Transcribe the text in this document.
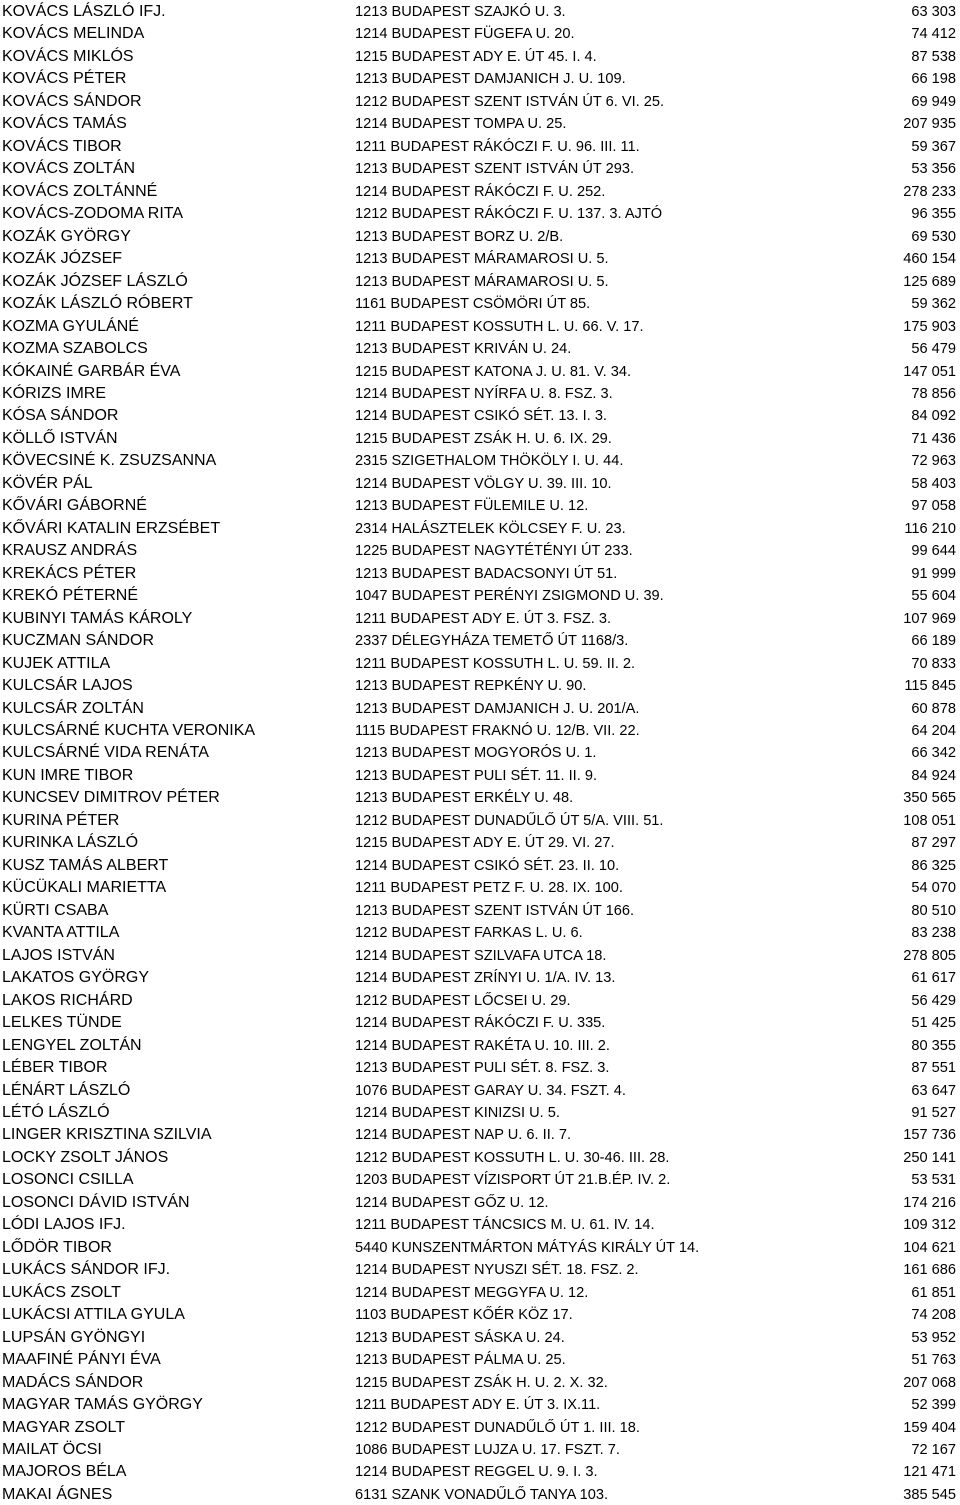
KOVÁCS LÁSZLÓ IFJ.	1213 BUDAPEST SZAJKÓ U. 3.	63 303
KOVÁCS MELINDA	1214 BUDAPEST FÜGEFA U. 20.	74 412
KOVÁCS MIKLÓS	1215 BUDAPEST ADY E. ÚT 45. I. 4.	87 538
KOVÁCS PÉTER	1213 BUDAPEST DAMJANICH J. U. 109.	66 198
KOVÁCS SÁNDOR	1212 BUDAPEST SZENT ISTVÁN ÚT 6. VI. 25.	69 949
KOVÁCS TAMÁS	1214 BUDAPEST TOMPA U. 25.	207 935
KOVÁCS TIBOR	1211 BUDAPEST RÁKÓCZI F. U. 96. III. 11.	59 367
KOVÁCS ZOLTÁN	1213 BUDAPEST SZENT ISTVÁN ÚT 293.	53 356
KOVÁCS ZOLTÁNNÉ	1214 BUDAPEST RÁKÓCZI F. U. 252.	278 233
KOVÁCS-ZODOMA RITA	1212 BUDAPEST RÁKÓCZI F. U. 137. 3. AJTÓ	96 355
KOZÁK GYÖRGY	1213 BUDAPEST BORZ U. 2/B.	69 530
KOZÁK JÓZSEF	1213 BUDAPEST MÁRAMAROSI U. 5.	460 154
KOZÁK JÓZSEF LÁSZLÓ	1213 BUDAPEST MÁRAMAROSI U. 5.	125 689
KOZÁK LÁSZLÓ RÓBERT	1161 BUDAPEST CSÖMÖRI ÚT 85.	59 362
KOZMA GYULÁNÉ	1211 BUDAPEST KOSSUTH L. U. 66. V. 17.	175 903
KOZMA SZABOLCS	1213 BUDAPEST KRIVÁN U. 24.	56 479
KÓKAINÉ GARBÁR ÉVA	1215 BUDAPEST KATONA J. U. 81. V. 34.	147 051
KÓRIZS IMRE	1214 BUDAPEST NYÍRFA U. 8. FSZ. 3.	78 856
KÓSA SÁNDOR	1214 BUDAPEST CSIKÓ SÉT. 13. I. 3.	84 092
KÖLLŐ ISTVÁN	1215 BUDAPEST ZSÁK H. U. 6. IX. 29.	71 436
KÖVECSINÉ K. ZSUZSANNA	2315 SZIGETHALOM THÖKÖLY I. U. 44.	72 963
KÖVÉR PÁL	1214 BUDAPEST VÖLGY U. 39. III. 10.	58 403
KŐVÁRI GÁBORNÉ	1213 BUDAPEST FÜLEMILE U. 12.	97 058
KŐVÁRI KATALIN ERZSÉBET	2314 HALÁSZTELEK KÖLCSEY F. U. 23.	116 210
KRAUSZ ANDRÁS	1225 BUDAPEST NAGYTÉTÉNYI ÚT 233.	99 644
KREKÁCS PÉTER	1213 BUDAPEST BADACSONYI ÚT 51.	91 999
KREKÓ PÉTERNÉ	1047 BUDAPEST PERÉNYI ZSIGMOND U. 39.	55 604
KUBINYI TAMÁS KÁROLY	1211 BUDAPEST ADY E. ÚT 3. FSZ. 3.	107 969
KUCZMAN SÁNDOR	2337 DÉLEGYHÁZA TEMETŐ ÚT 1168/3.	66 189
KUJEK ATTILA	1211 BUDAPEST KOSSUTH L. U. 59. II. 2.	70 833
KULCSÁR LAJOS	1213 BUDAPEST REPKÉNY U. 90.	115 845
KULCSÁR ZOLTÁN	1213 BUDAPEST DAMJANICH J. U. 201/A.	60 878
KULCSÁRNÉ KUCHTA VERONIKA	1115 BUDAPEST FRAKNÓ U. 12/B. VII. 22.	64 204
KULCSÁRNÉ VIDA RENÁTA	1213 BUDAPEST MOGYORÓS U. 1.	66 342
KUN IMRE TIBOR	1213 BUDAPEST PULI SÉT. 11. II. 9.	84 924
KUNCSEV DIMITROV PÉTER	1213 BUDAPEST ERKÉLY U. 48.	350 565
KURINA PÉTER	1212 BUDAPEST DUNADŰLŐ ÚT 5/A. VIII. 51.	108 051
KURINKA LÁSZLÓ	1215 BUDAPEST ADY E. ÚT 29. VI. 27.	87 297
KUSZ TAMÁS ALBERT	1214 BUDAPEST CSIKÓ SÉT. 23. II. 10.	86 325
KÜCÜKALI MARIETTA	1211 BUDAPEST PETZ F. U. 28. IX. 100.	54 070
KÜRTI CSABA	1213 BUDAPEST SZENT ISTVÁN ÚT 166.	80 510
KVANTA ATTILA	1212 BUDAPEST FARKAS L. U. 6.	83 238
LAJOS ISTVÁN	1214 BUDAPEST SZILVAFA UTCA 18.	278 805
LAKATOS GYÖRGY	1214 BUDAPEST ZRÍNYI U. 1/A. IV. 13.	61 617
LAKOS RICHÁRD	1212 BUDAPEST LŐCSEI U. 29.	56 429
LELKES TÜNDE	1214 BUDAPEST RÁKÓCZI F. U. 335.	51 425
LENGYEL ZOLTÁN	1214 BUDAPEST RAKÉTA U. 10. III. 2.	80 355
LÉBER TIBOR	1213 BUDAPEST PULI SÉT. 8. FSZ. 3.	87 551
LÉNÁRT LÁSZLÓ	1076 BUDAPEST GARAY U. 34. FSZT. 4.	63 647
LÉTÓ LÁSZLÓ	1214 BUDAPEST KINIZSI U. 5.	91 527
LINGER KRISZTINA SZILVIA	1214 BUDAPEST NAP U. 6. II. 7.	157 736
LOCKY ZSOLT JÁNOS	1212 BUDAPEST KOSSUTH L. U. 30-46. III. 28.	250 141
LOSONCI CSILLA	1203 BUDAPEST VÍZISPORT ÚT 21.B.ÉP. IV. 2.	53 531
LOSONCI DÁVID ISTVÁN	1214 BUDAPEST GŐZ U. 12.	174 216
LÓDI LAJOS IFJ.	1211 BUDAPEST TÁNCSICS M. U. 61. IV. 14.	109 312
LŐDÖR TIBOR	5440 KUNSZENTMÁRTON MÁTYÁS KIRÁLY ÚT 14.	104 621
LUKÁCS SÁNDOR IFJ.	1214 BUDAPEST NYUSZI SÉT. 18. FSZ. 2.	161 686
LUKÁCS ZSOLT	1214 BUDAPEST MEGGYFA U. 12.	61 851
LUKÁCSI ATTILA GYULA	1103 BUDAPEST KŐÉR KÖZ 17.	74 208
LUPSÁN GYÖNGYI	1213 BUDAPEST SÁSKA U. 24.	53 952
MAAFINÉ PÁNYI ÉVA	1213 BUDAPEST PÁLMA U. 25.	51 763
MADÁCS SÁNDOR	1215 BUDAPEST ZSÁK H. U. 2. X. 32.	207 068
MAGYAR TAMÁS GYÖRGY	1211 BUDAPEST ADY E. ÚT 3. IX.11.	52 399
MAGYAR ZSOLT	1212 BUDAPEST DUNADŰLŐ ÚT 1. III. 18.	159 404
MAILAT ÖCSI	1086 BUDAPEST LUJZA U. 17. FSZT. 7.	72 167
MAJOROS BÉLA	1214 BUDAPEST REGGEL U. 9. I. 3.	121 471
MAKAI ÁGNES	6131 SZANK VONADŰLŐ TANYA 103.	385 545
